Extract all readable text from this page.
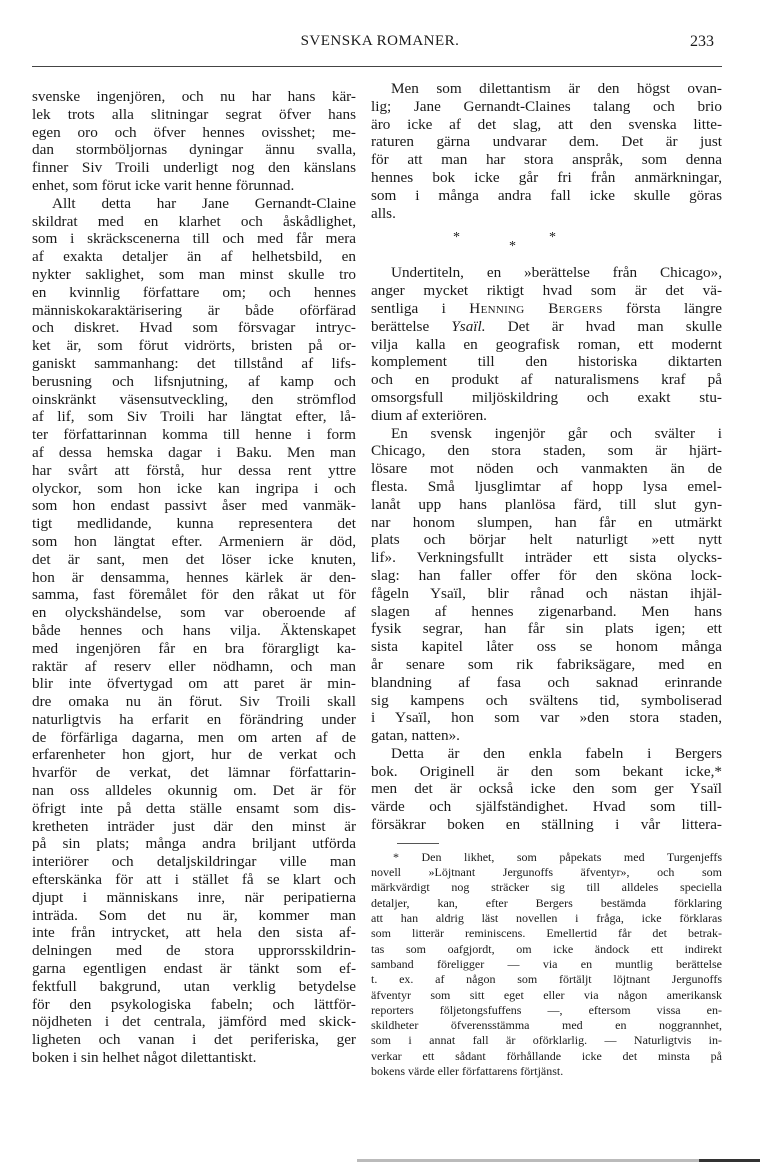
SVENSKA ROMANER.	233
svenske ingenjören, och nu har hans kär-
lek trots alla slitningar segrat öfver hans
egen oro och öfver hennes ovisshet; me-
dan stormböljornas dyningar ännu svalla,
finner Siv Troili underligt nog den känslans
enhet, som förut icke varit henne förunnad.
Allt detta har Jane Gernandt-Claine
skildrat med en klarhet och åskådlighet,
som i skräckscenerna till och med får mera
af exakta detaljer än af helhetsbild, en
nykter saklighet, som man minst skulle tro
en kvinnlig författare om; och hennes
människokaraktärisering är både oförfärad
och diskret. Hvad som försvagar intryc-
ket är, som förut vidrörts, bristen på or-
ganiskt sammanhang: det tillstånd af lifs-
berusning och lifsnjutning, af kamp och
oinskränkt väsensutveckling, den strömflod
af lif, som Siv Troili har längtat efter, lå-
ter författarinnan komma till henne i form
af dessa hemska dagar i Baku. Men man
har svårt att förstå, hur dessa rent yttre
olyckor, som hon icke kan ingripa i och
som hon endast passivt åser med vanmäk-
tigt medlidande, kunna representera det
som hon längtat efter. Armeniern är död,
det är sant, men det löser icke knuten,
hon är densamma, hennes kärlek är den-
samma, fast föremålet för den råkat ut för
en olyckshändelse, som var oberoende af
både hennes och hans vilja. Äktenskapet
med ingenjören får en bra förargligt ka-
raktär af reserv eller nödhamn, och man
blir inte öfvertygad om att paret är min-
dre omaka nu än förut. Siv Troili skall
naturligtvis ha erfarit en förändring under
de förfärliga dagarna, men om arten af de
erfarenheter hon gjort, hur de verkat och
hvarför de verkat, det lämnar författarin-
nan oss alldeles okunnig om. Det är för
öfrigt inte på detta ställe ensamt som dis-
kretheten inträder just där den minst är
på sin plats; många andra briljant utförda
interiörer och detaljskildringar ville man
efterskänka för att i stället få se klart och
djupt i människans inre, när peripatierna
inträda. Som det nu är, kommer man
inte från intrycket, att hela den sista af-
delningen med de stora upprorsskildrin-
garna egentligen endast är tänkt som ef-
fektfull bakgrund, utan verklig betydelse
för den psykologiska fabeln; och lättför-
nöjdheten i det centrala, jämförd med skick-
ligheten och vanan i det periferiska, ger
boken i sin helhet något dilettantiskt.
Men som dilettantism är den högst ovan-
lig; Jane Gernandt-Claines talang och brio
äro icke af det slag, att den svenska litte-
raturen gärna undvarar dem. Det är just
för att man har stora anspråk, som denna
hennes bok icke går fri från anmärkningar,
som i många andra fall icke skulle göras
alls.
*
*
*
Undertiteln, en »berättelse från Chicago»,
anger mycket riktigt hvad som är det vä-
sentliga i Henning Bergers första längre
berättelse Ysaïl. Det är hvad man skulle
vilja kalla en geografisk roman, ett modernt
komplement till den historiska diktarten
och en produkt af naturalismens kraf på
omsorgsfull miljöskildring och exakt stu-
dium af exteriören.
En svensk ingenjör går och svälter i
Chicago, den stora staden, som är hjärt-
lösare mot nöden och vanmakten än de
flesta. Små ljusglimtar af hopp lysa emel-
lanåt upp hans planlösa färd, till slut gyn-
nar honom slumpen, han får en utmärkt
plats och börjar helt naturligt »ett nytt
lif». Verkningsfullt inträder ett sista olycks-
slag: han faller offer för den sköna lock-
fågeln Ysaïl, blir rånad och nästan ihjäl-
slagen af hennes zigenarband. Men hans
fysik segrar, han får sin plats igen; ett
sista kapitel låter oss se honom många
år senare som rik fabriksägare, med en
blandning af fasa och saknad erinrande
sig kampens och svältens tid, symboliserad
i Ysaïl, hon som var »den stora staden,
gatan, natten».
Detta är den enkla fabeln i Bergers
bok. Originell är den som bekant icke,*
men det är också icke den som ger Ysaïl
värde och själfständighet. Hvad som till-
försäkrar boken en ställning i vår littera-
* Den likhet, som påpekats med Turgenjeffs
novell »Löjtnant Jergunoffs äfventyr», och som
märkvärdigt nog sträcker sig till alldeles speciella
detaljer, kan, efter Bergers bestämda förklaring
att han aldrig läst novellen i fråga, icke förklaras
som litterär reminiscens. Emellertid får det betrak-
tas som oafgjordt, om icke ändock ett indirekt
samband föreligger — via en muntlig berättelse
t. ex. af någon som förtäljt löjtnant Jergunoffs
äfventyr som sitt eget eller via någon amerikansk
reporters följetongsfuffens —, eftersom vissa en-
skildheter öfverensstämma med en noggrannhet,
som i annat fall är oförklarlig. — Naturligtvis in-
verkar ett sådant förhållande icke det minsta på
bokens värde eller författarens förtjänst.
